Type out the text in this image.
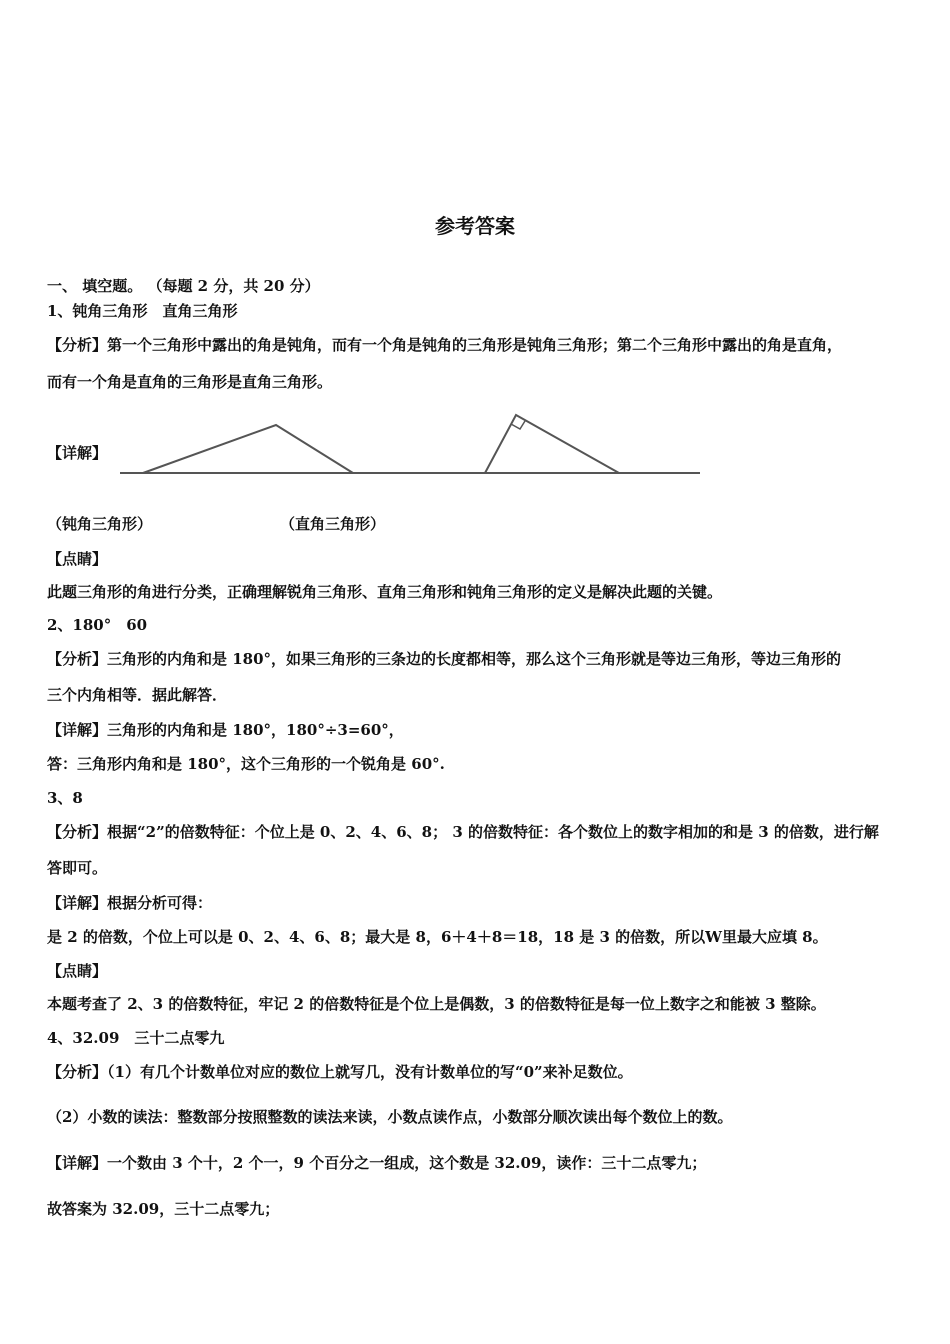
参考答案

一、 填空题。 （每题 2 分，共 20 分）

1、钝角三角形　直角三角形

【分析】第一个三角形中露出的角是钝角，而有一个角是钝角的三角形是钝角三角形；第二个三角形中露出的角是直角，

而有一个角是直角的三角形是直角三角形。

【详解】

（钝角三角形）	（直角三角形）

【点睛】

此题三角形的角进行分类，正确理解锐角三角形、直角三角形和钝角三角形的定义是解决此题的关键。

2、180°　60

【分析】三角形的内角和是 180°，如果三角形的三条边的长度都相等，那么这个三角形就是等边三角形，等边三角形的

三个内角相等．据此解答．

【详解】三角形的内角和是 180°，180°÷3=60°，

答：三角形内角和是 180°，这个三角形的一个锐角是 60°.

3、8

【分析】根据“2”的倍数特征：个位上是 0、2、4、6、8； 3 的倍数特征：各个数位上的数字相加的和是 3 的倍数，进行解

答即可。

【详解】根据分析可得：

是 2 的倍数，个位上可以是 0、2、4、6、8；最大是 8，6＋4＋8＝18，18 是 3 的倍数，所以W里最大应填 8。

【点睛】

本题考查了 2、3 的倍数特征，牢记 2 的倍数特征是个位上是偶数，3 的倍数特征是每一位上数字之和能被 3 整除。

4、32.09　三十二点零九

【分析】（1）有几个计数单位对应的数位上就写几，没有计数单位的写“0”来补足数位。

（2）小数的读法：整数部分按照整数的读法来读，小数点读作点，小数部分顺次读出每个数位上的数。

【详解】一个数由 3 个十，2 个一，9 个百分之一组成，这个数是 32.09，读作：三十二点零九；

故答案为 32.09，三十二点零九；
